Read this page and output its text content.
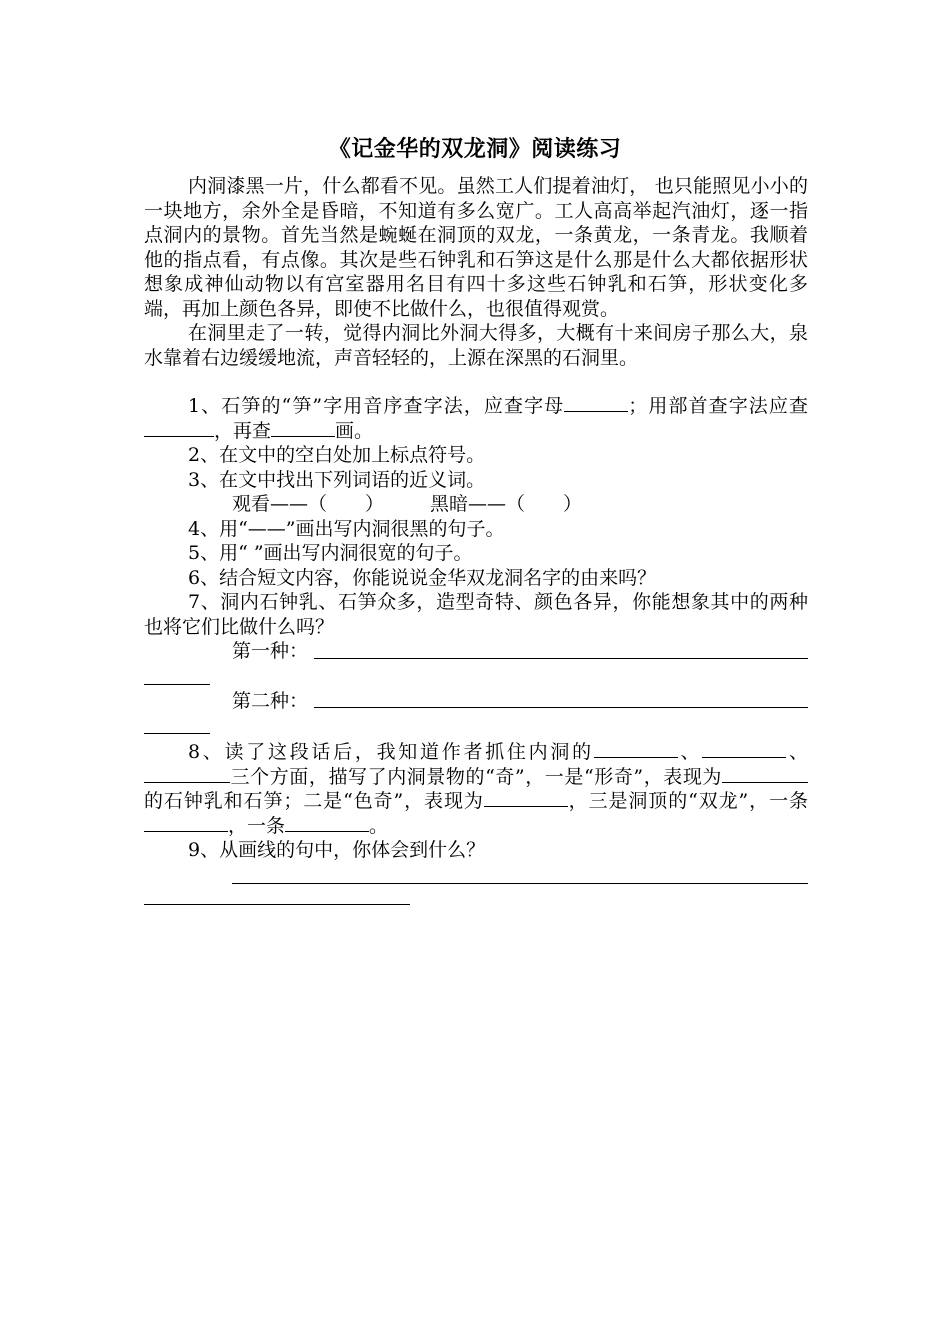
《记金华的双龙洞》阅读练习

内洞漆黑一片，什么都看不见。虽然工人们提着油灯， 也只能照见小小的一块地方，余外全是昏暗，不知道有多么宽广。工人高高举起汽油灯，逐一指点洞内的景物。首先当然是蜿蜒在洞顶的双龙，一条黄龙，一条青龙。我顺着他的指点看，有点像。其次是些石钟乳和石笋这是什么那是什么大都依据形状想象成神仙动物以有宫室器用名目有四十多这些石钟乳和石笋，形状变化多端，再加上颜色各异，即使不比做什么，也很值得观赏。

在洞里走了一转，觉得内洞比外洞大得多，大概有十来间房子那么大，泉水靠着右边缓缓地流，声音轻轻的，上源在深黑的石洞里。

1、石笋的“笋”字用音序查字法，应查字母	；用部首查字法应查，再查	画。

2、在文中的空白处加上标点符号。

3、在文中找出下列词语的近义词。

观看——（　　） 黑暗——（　　）

4、用“——”画出写内洞很黑的句子。

5、用“ ”画出写内洞很宽的句子。

6、结合短文内容，你能说说金华双龙洞名字的由来吗？

7、洞内石钟乳、石笋众多，造型奇特、颜色各异，你能想象其中的两种也将它们比做什么吗？

第一种：
第二种：

8、读了这段话后，我知道作者抓住内洞的	、	、三个方面，描写了内洞景物的“奇”，一是“形奇”，表现为的石钟乳和石笋；二是“色奇”，表现为	，三是洞顶的“双龙”，一条，一条	。

9、从画线的句中，你体会到什么？
